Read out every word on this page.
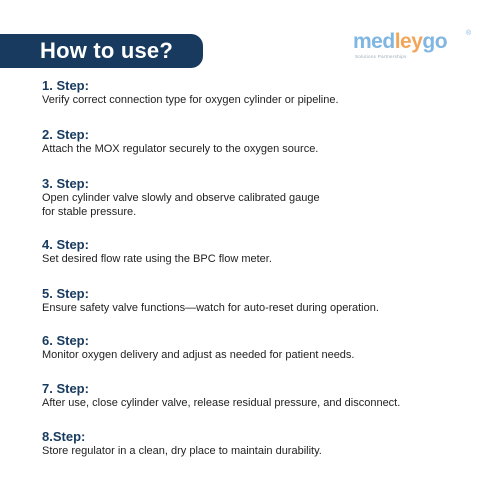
How to use?	medleygo	®
Solutions Partnerships
1. Step:
Verify correct connection type for oxygen cylinder or pipeline.
2. Step:
Attach the MOX regulator securely to the oxygen source.
3. Step:
Open cylinder valve slowly and observe calibrated gauge
for stable pressure.
4. Step:
Set desired flow rate using the BPC flow meter.
5. Step:
Ensure safety valve functions—watch for auto-reset during operation.
6. Step:
Monitor oxygen delivery and adjust as needed for patient needs.
7. Step:
After use, close cylinder valve, release residual pressure, and disconnect.
8.Step:
Store regulator in a clean, dry place to maintain durability.
